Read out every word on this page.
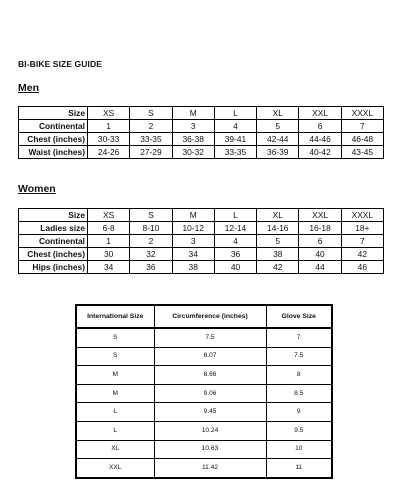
BI-BIKE SIZE GUIDE
Men
Size	XS	S	M	L	XL	XXL	XXXL
Continental	1	2	3	4	5	6	7
Chest (inches)	30-33	33-35	36-38	39-41	42-44	44-46	46-48
Waist (inches)	24-26	27-29	30-32	33-35	36-39	40-42	43-45
Women
Size	XS	S	M	L	XL	XXL	XXXL
Ladies size	6-8	8-10	10-12	12-14	14-16	16-18	18+
Continental	1	2	3	4	5	6	7
Chest (inches)	30	32	34	36	38	40	42
Hips (inches)	34	36	38	40	42	44	46
International Size	Circumference (inches)	Glove Size
S	7.5	7
S	8.07	7.5
M	8.66	8
M	9.06	8.5
L	9.45	9
L	10.24	9.5
XL	10.63	10
XXL	11.42	11
